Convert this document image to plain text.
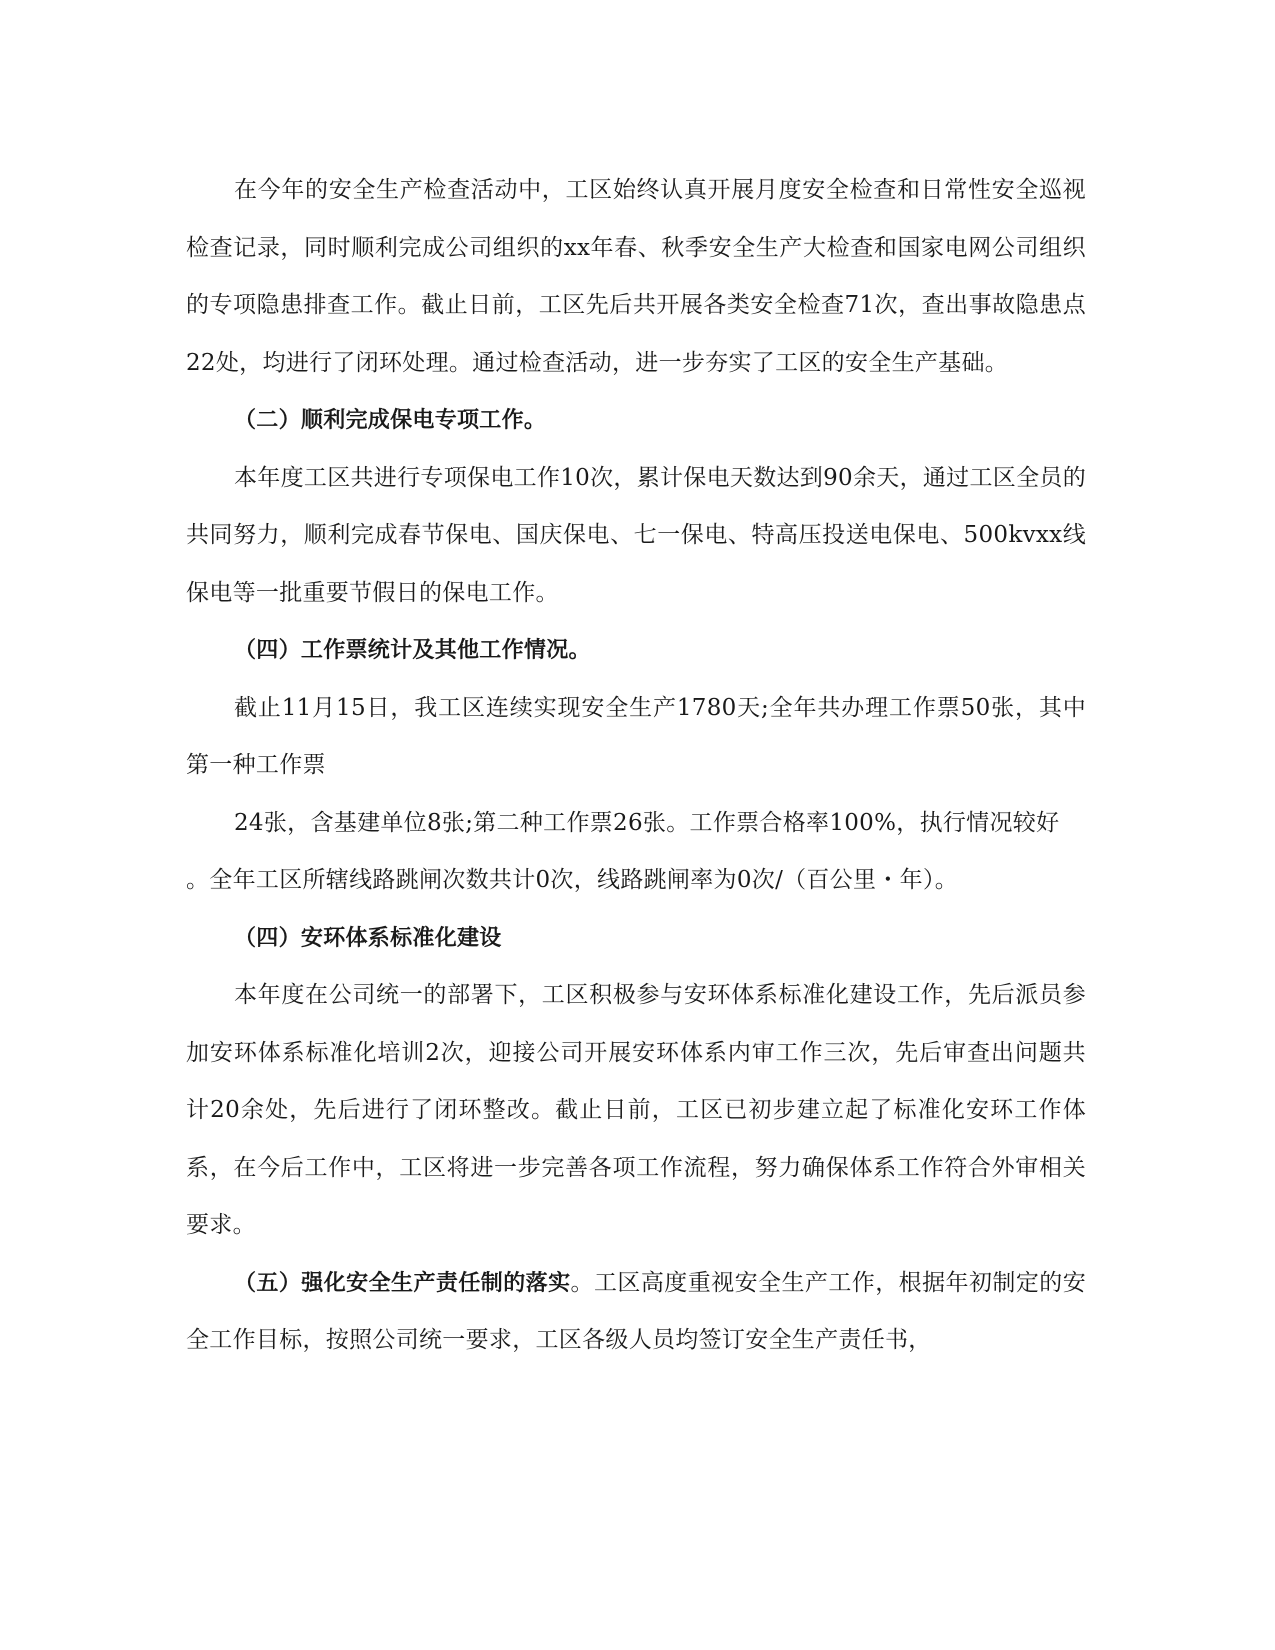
在今年的安全生产检查活动中，工区始终认真开展月度安全检查和日常性安全巡视检查记录，同时顺利完成公司组织的xx年春、秋季安全生产大检查和国家电网公司组织的专项隐患排查工作。截止日前，工区先后共开展各类安全检查71次，查出事故隐患点22处，均进行了闭环处理。通过检查活动，进一步夯实了工区的安全生产基础。

（二）顺利完成保电专项工作。

本年度工区共进行专项保电工作10次，累计保电天数达到90余天，通过工区全员的共同努力，顺利完成春节保电、国庆保电、七一保电、特高压投送电保电、500kvxx线保电等一批重要节假日的保电工作。

（四）工作票统计及其他工作情况。

截止11月15日，我工区连续实现安全生产1780天;全年共办理工作票50张，其中第一种工作票

24张，含基建单位8张;第二种工作票26张。工作票合格率100%，执行情况较好

。全年工区所辖线路跳闸次数共计0次，线路跳闸率为0次/（百公里・年）。

（四）安环体系标准化建设

本年度在公司统一的部署下，工区积极参与安环体系标准化建设工作，先后派员参加安环体系标准化培训2次，迎接公司开展安环体系内审工作三次，先后审查出问题共计20余处，先后进行了闭环整改。截止日前，工区已初步建立起了标准化安环工作体系，在今后工作中，工区将进一步完善各项工作流程，努力确保体系工作符合外审相关要求。

（五）强化安全生产责任制的落实。工区高度重视安全生产工作，根据年初制定的安全工作目标，按照公司统一要求，工区各级人员均签订安全生产责任书，
